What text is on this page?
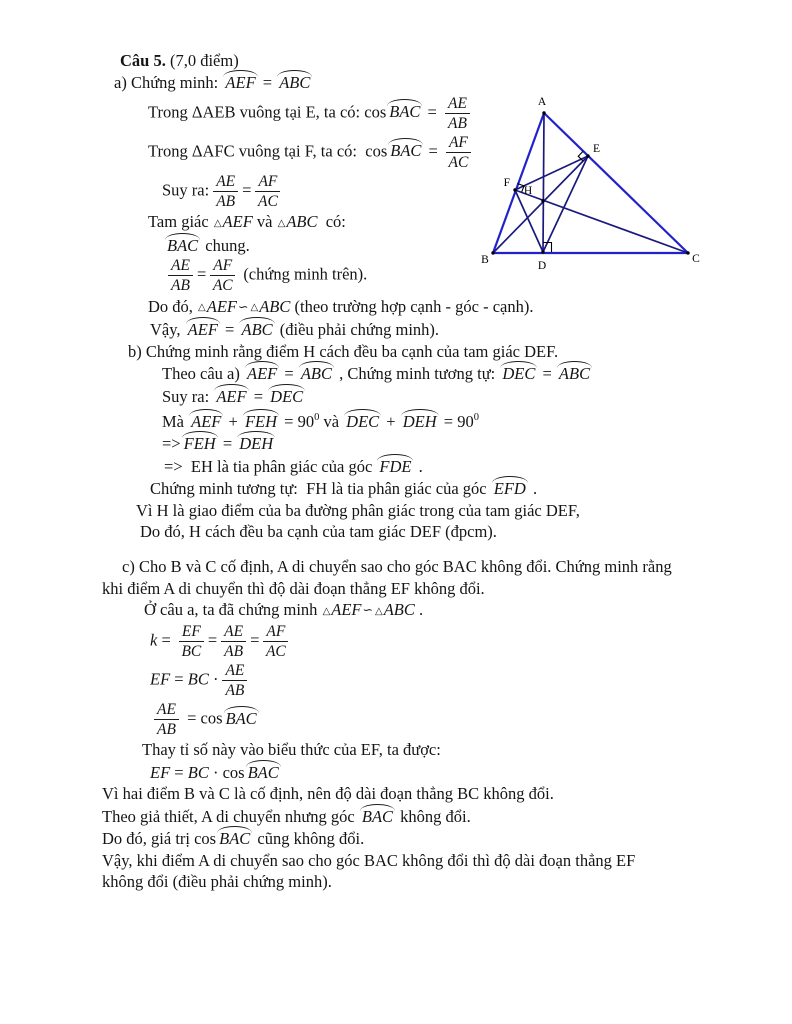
Câu 5. (7,0 điểm)
a) Chứng minh: AEF = ABC
Trong ΔAEB vuông tại E, ta có: cos BAC = $\frac{AE}{AB}$
Trong ΔAFC vuông tại F, ta có:  cos BAC = $\frac{AF}{AC}$
Suy ra: $\frac{AE}{AB} = \frac{AF}{AC}$
Tam giác △AEF và △ABC  có:
BAC chung.
$\frac{AE}{AB} = \frac{AF}{AC}$ (chứng minh trên).
Do đó, △AEF∽ △ABC (theo trường hợp cạnh - góc - cạnh).
Vậy, AEF = ABC (điều phải chứng minh).
b) Chứng minh rằng điểm H cách đều ba cạnh của tam giác DEF.
Theo câu a) AEF = ABC , Chứng minh tương tự: DEC = ABC
Suy ra: AEF = DEC
Mà AEF + FEH = $90^0$ và DEC + DEH = $90^0$
=> FEH = DEH
=>  EH là tia phân giác của góc FDE .
Chứng minh tương tự:  FH là tia phân giác của góc EFD .
Vì H là giao điểm của ba đường phân giác trong của tam giác DEF,
Do đó, H cách đều ba cạnh của tam giác DEF (đpcm).
c) Cho B và C cố định, A di chuyển sao cho góc BAC không đổi. Chứng minh rằng
khi điểm A di chuyển thì độ dài đoạn thẳng EF không đổi.
Ở câu a, ta đã chứng minh △AEF∽ △ABC .
$k = \frac{EF}{BC} = \frac{AE}{AB} = \frac{AF}{AC}$
EF = BC · $\frac{AE}{AB}$
$\frac{AE}{AB} = \cos$ BAC
Thay tỉ số này vào biểu thức của EF, ta được:
EF = BC · cos BAC
Vì hai điểm B và C là cố định, nên độ dài đoạn thẳng BC không đổi.
Theo giả thiết, A di chuyển nhưng góc BAC không đổi.
Do đó, giá trị cos BAC cũng không đổi.
Vậy, khi điểm A di chuyển sao cho góc BAC không đổi thì độ dài đoạn thẳng EF
không đổi (điều phải chứng minh).
A
B	C
D
E
F
H
